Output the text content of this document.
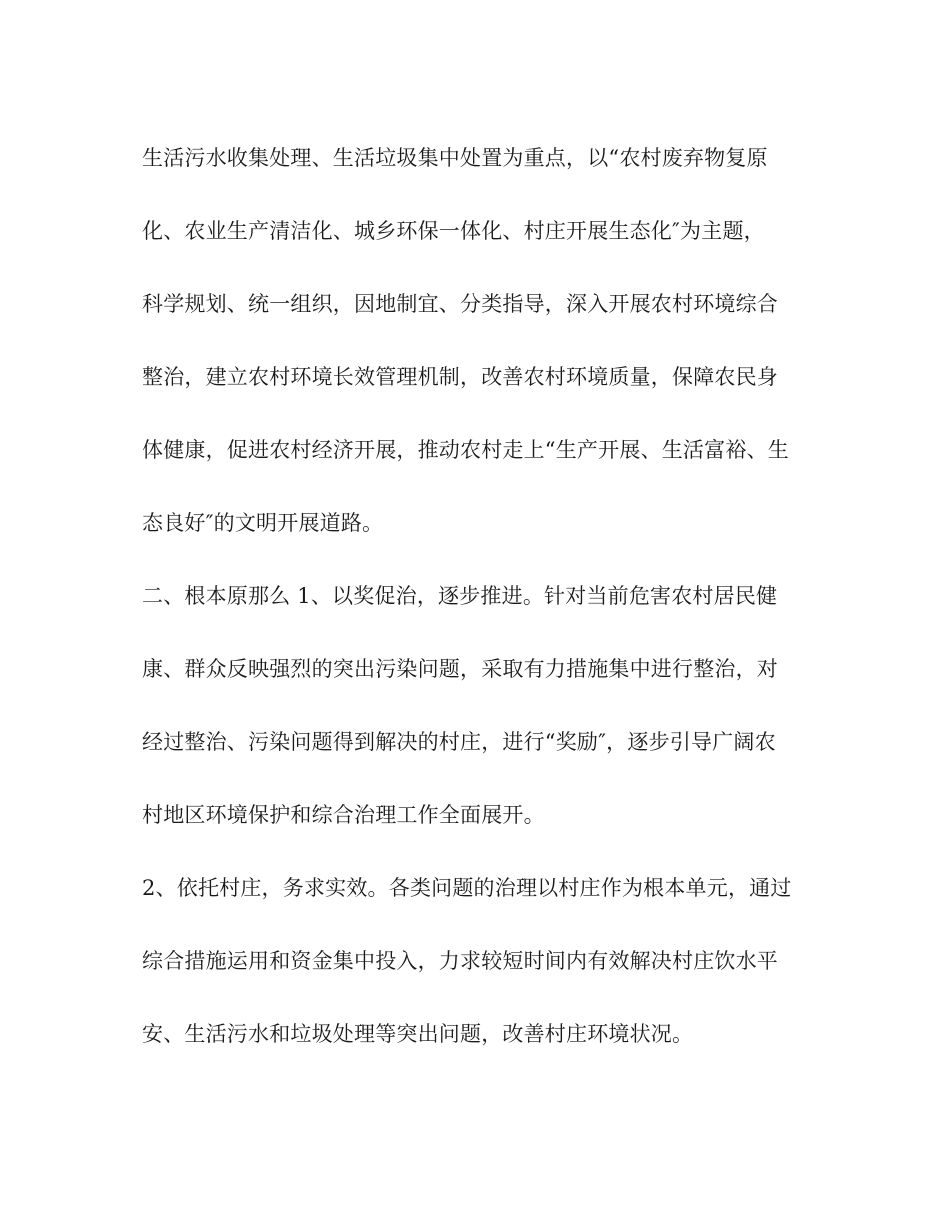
生活污水收集处理、生活垃圾集中处置为重点，以“农村废弃物复原
化、农业生产清洁化、城乡环保一体化、村庄开展生态化″为主题，
科学规划、统一组织，因地制宜、分类指导，深入开展农村环境综合
整治，建立农村环境长效管理机制，改善农村环境质量，保障农民身
体健康，促进农村经济开展，推动农村走上“生产开展、生活富裕、生
态良好″的文明开展道路。
二、根本原那么 1、以奖促治，逐步推进。针对当前危害农村居民健
康、群众反映强烈的突出污染问题，采取有力措施集中进行整治，对
经过整治、污染问题得到解决的村庄，进行“奖励″，逐步引导广阔农
村地区环境保护和综合治理工作全面展开。
2、依托村庄，务求实效。各类问题的治理以村庄作为根本单元，通过
综合措施运用和资金集中投入，力求较短时间内有效解决村庄饮水平
安、生活污水和垃圾处理等突出问题，改善村庄环境状况。
